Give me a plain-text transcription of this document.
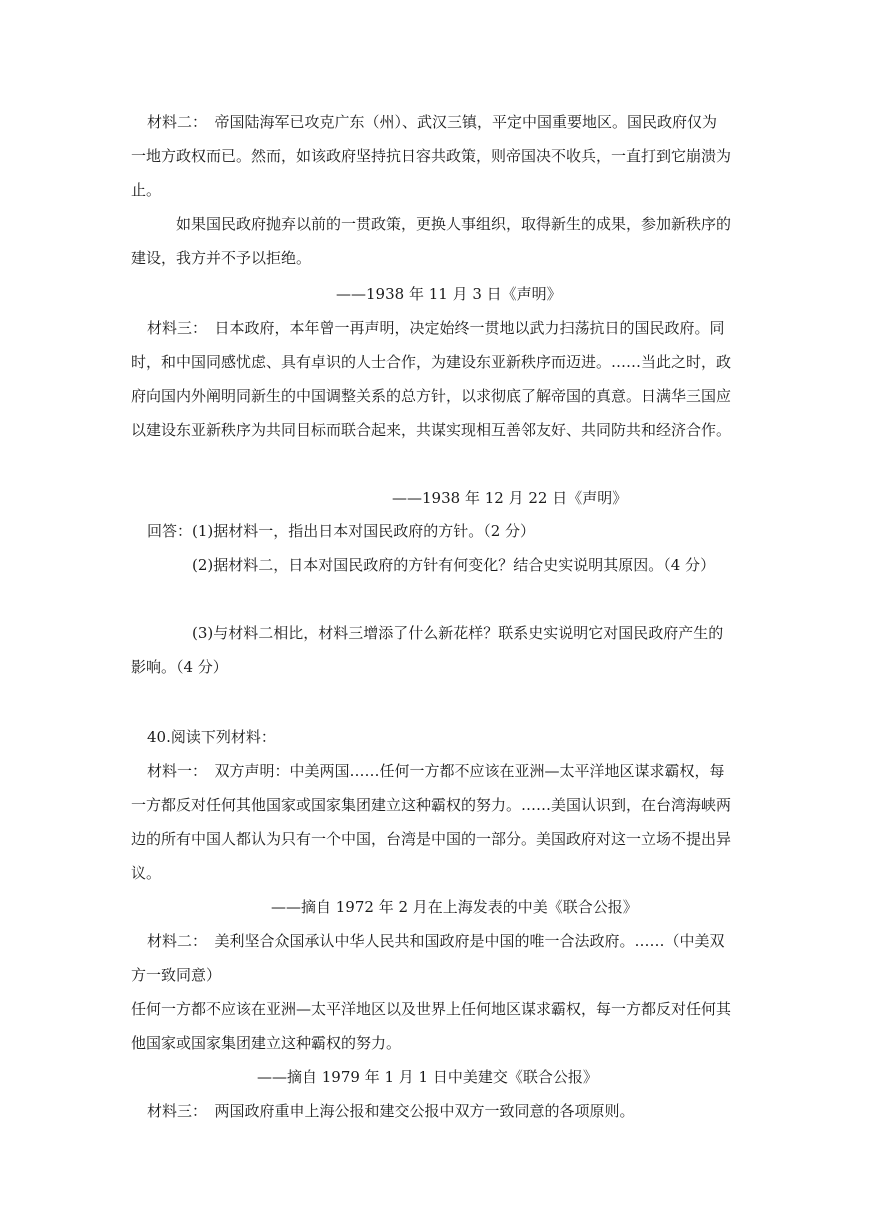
材料二：　帝国陆海军已攻克广东（州）、武汉三镇，平定中国重要地区。国民政府仅为
一地方政权而已。然而，如该政府坚持抗日容共政策，则帝国决不收兵，一直打到它崩溃为
止。
如果国民政府抛弃以前的一贯政策，更换人事组织，取得新生的成果，参加新秩序的
建设，我方并不予以拒绝。
——1938 年 11 月 3 日《声明》
材料三：　日本政府，本年曾一再声明，决定始终一贯地以武力扫荡抗日的国民政府。同
时，和中国同感忧虑、具有卓识的人士合作，为建设东亚新秩序而迈进。……当此之时，政
府向国内外阐明同新生的中国调整关系的总方针，以求彻底了解帝国的真意。日满华三国应
以建设东亚新秩序为共同目标而联合起来，共谋实现相互善邻友好、共同防共和经济合作。
——1938 年 12 月 22 日《声明》
回答：(1)据材料一，指出日本对国民政府的方针。（2 分）
(2)据材料二，日本对国民政府的方针有何变化？结合史实说明其原因。（4 分）
(3)与材料二相比，材料三增添了什么新花样？联系史实说明它对国民政府产生的
影响。（4 分）
40.阅读下列材料：
材料一：　双方声明：中美两国……任何一方都不应该在亚洲—太平洋地区谋求霸权，每
一方都反对任何其他国家或国家集团建立这种霸权的努力。……美国认识到，在台湾海峡两
边的所有中国人都认为只有一个中国，台湾是中国的一部分。美国政府对这一立场不提出异
议。
——摘自 1972 年 2 月在上海发表的中美《联合公报》
材料二：　美利坚合众国承认中华人民共和国政府是中国的唯一合法政府。……（中美双
方一致同意）
任何一方都不应该在亚洲—太平洋地区以及世界上任何地区谋求霸权，每一方都反对任何其
他国家或国家集团建立这种霸权的努力。
——摘自 1979 年 1 月 1 日中美建交《联合公报》
材料三：　两国政府重申上海公报和建交公报中双方一致同意的各项原则。
